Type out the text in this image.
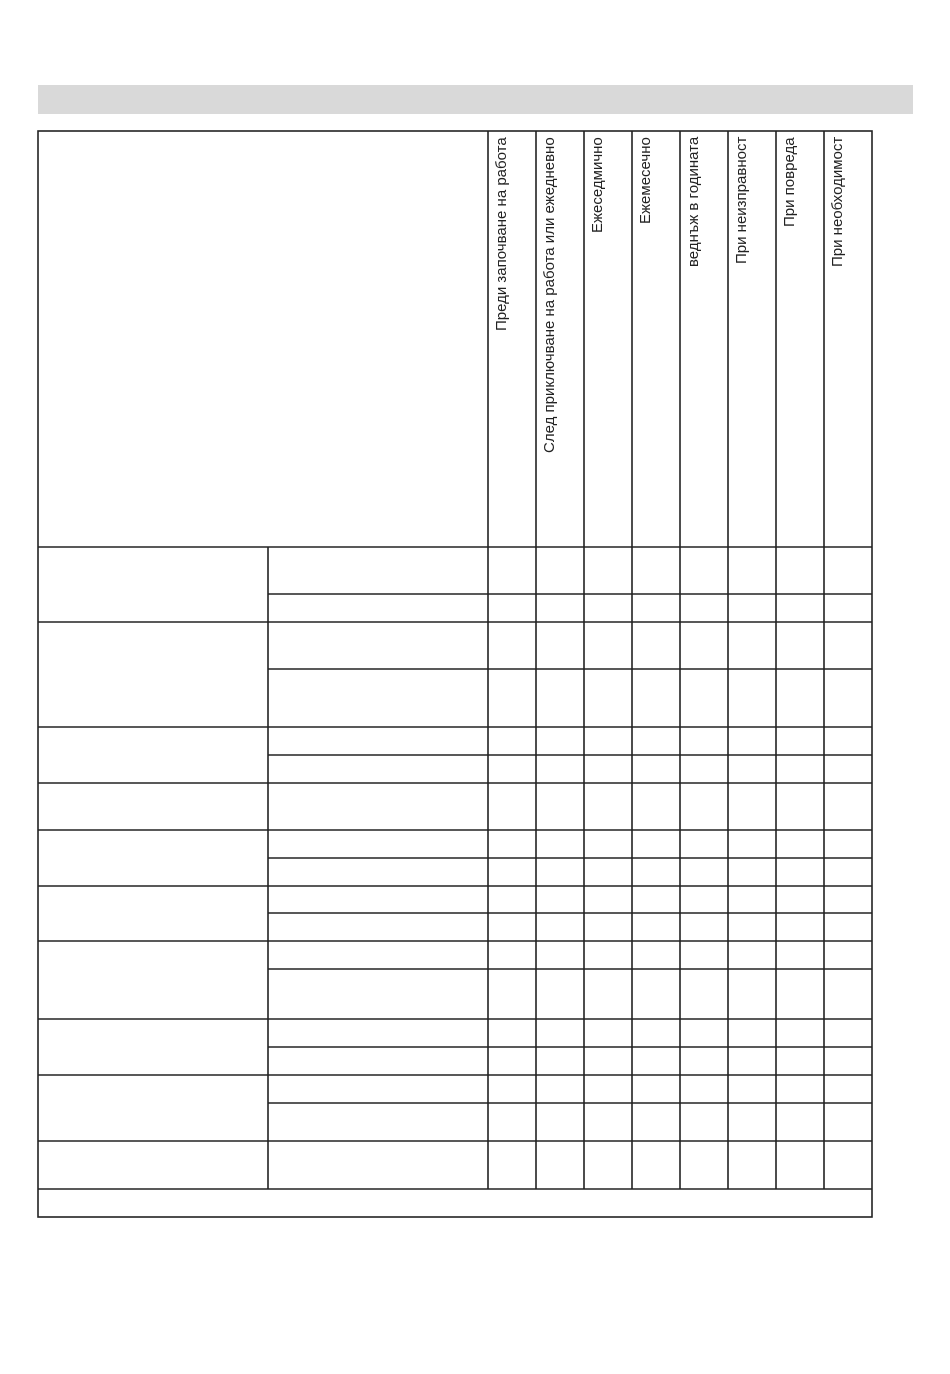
Преди започване на работа След приключване на работа или ежедневно Ежеседмично Ежемесечно веднъж в годината При неизправност При повреда При необходимост
